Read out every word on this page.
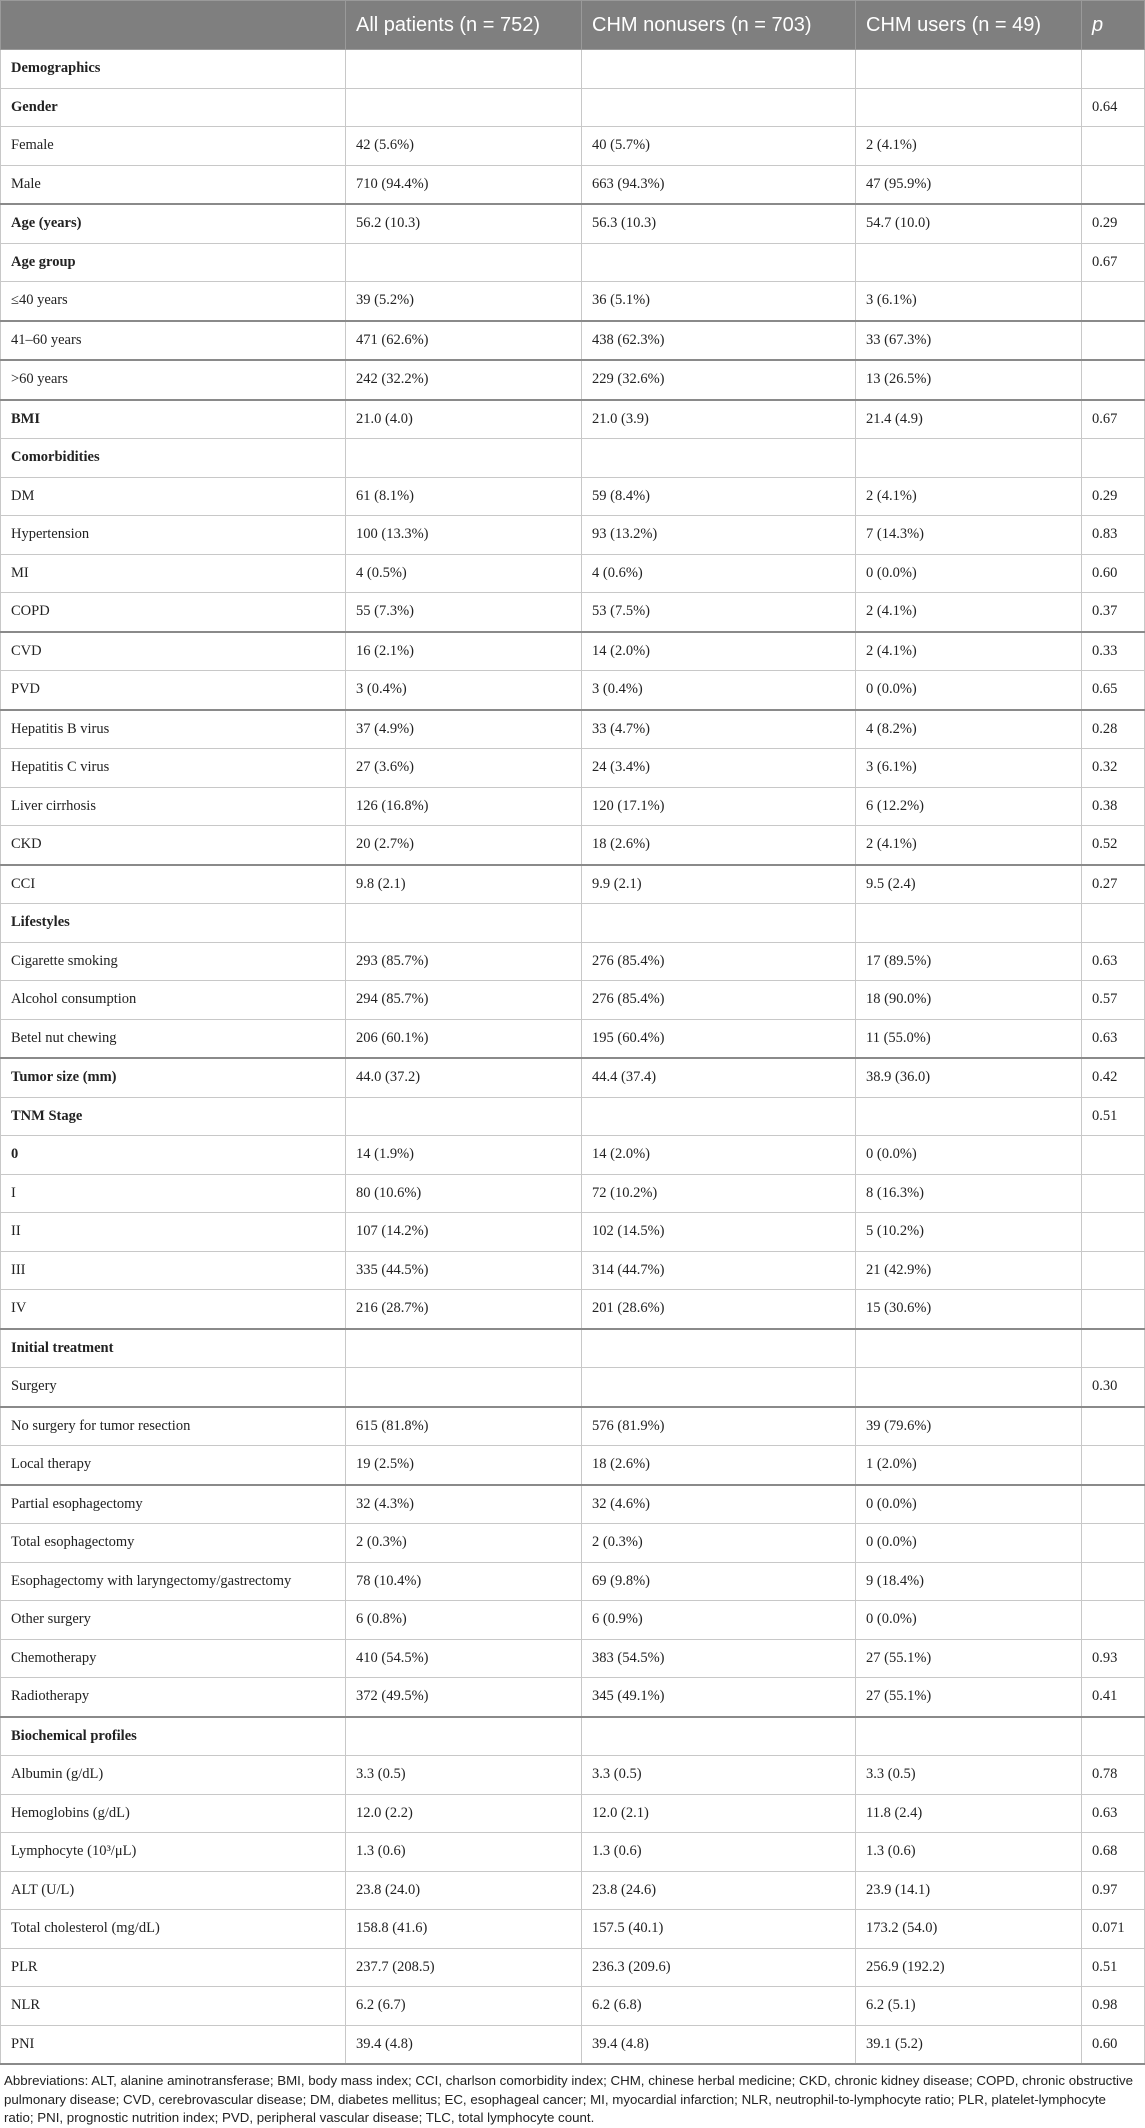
	All patients (n = 752)	CHM nonusers (n = 703)	CHM users (n = 49)	p
Demographics				
Gender				0.64
Female	42 (5.6%)	40 (5.7%)	2 (4.1%)	
Male	710 (94.4%)	663 (94.3%)	47 (95.9%)	
Age (years)	56.2 (10.3)	56.3 (10.3)	54.7 (10.0)	0.29
Age group				0.67
≤40 years	39 (5.2%)	36 (5.1%)	3 (6.1%)	
41–60 years	471 (62.6%)	438 (62.3%)	33 (67.3%)	
>60 years	242 (32.2%)	229 (32.6%)	13 (26.5%)	
BMI	21.0 (4.0)	21.0 (3.9)	21.4 (4.9)	0.67
Comorbidities				
DM	61 (8.1%)	59 (8.4%)	2 (4.1%)	0.29
Hypertension	100 (13.3%)	93 (13.2%)	7 (14.3%)	0.83
MI	4 (0.5%)	4 (0.6%)	0 (0.0%)	0.60
COPD	55 (7.3%)	53 (7.5%)	2 (4.1%)	0.37
CVD	16 (2.1%)	14 (2.0%)	2 (4.1%)	0.33
PVD	3 (0.4%)	3 (0.4%)	0 (0.0%)	0.65
Hepatitis B virus	37 (4.9%)	33 (4.7%)	4 (8.2%)	0.28
Hepatitis C virus	27 (3.6%)	24 (3.4%)	3 (6.1%)	0.32
Liver cirrhosis	126 (16.8%)	120 (17.1%)	6 (12.2%)	0.38
CKD	20 (2.7%)	18 (2.6%)	2 (4.1%)	0.52
CCI	9.8 (2.1)	9.9 (2.1)	9.5 (2.4)	0.27
Lifestyles				
Cigarette smoking	293 (85.7%)	276 (85.4%)	17 (89.5%)	0.63
Alcohol consumption	294 (85.7%)	276 (85.4%)	18 (90.0%)	0.57
Betel nut chewing	206 (60.1%)	195 (60.4%)	11 (55.0%)	0.63
Tumor size (mm)	44.0 (37.2)	44.4 (37.4)	38.9 (36.0)	0.42
TNM Stage				0.51
0	14 (1.9%)	14 (2.0%)	0 (0.0%)	
I	80 (10.6%)	72 (10.2%)	8 (16.3%)	
II	107 (14.2%)	102 (14.5%)	5 (10.2%)	
III	335 (44.5%)	314 (44.7%)	21 (42.9%)	
IV	216 (28.7%)	201 (28.6%)	15 (30.6%)	
Initial treatment				
Surgery				0.30
No surgery for tumor resection	615 (81.8%)	576 (81.9%)	39 (79.6%)	
Local therapy	19 (2.5%)	18 (2.6%)	1 (2.0%)	
Partial esophagectomy	32 (4.3%)	32 (4.6%)	0 (0.0%)	
Total esophagectomy	2 (0.3%)	2 (0.3%)	0 (0.0%)	
Esophagectomy with laryngectomy/gastrectomy	78 (10.4%)	69 (9.8%)	9 (18.4%)	
Other surgery	6 (0.8%)	6 (0.9%)	0 (0.0%)	
Chemotherapy	410 (54.5%)	383 (54.5%)	27 (55.1%)	0.93
Radiotherapy	372 (49.5%)	345 (49.1%)	27 (55.1%)	0.41
Biochemical profiles				
Albumin (g/dL)	3.3 (0.5)	3.3 (0.5)	3.3 (0.5)	0.78
Hemoglobins (g/dL)	12.0 (2.2)	12.0 (2.1)	11.8 (2.4)	0.63
Lymphocyte (10³/μL)	1.3 (0.6)	1.3 (0.6)	1.3 (0.6)	0.68
ALT (U/L)	23.8 (24.0)	23.8 (24.6)	23.9 (14.1)	0.97
Total cholesterol (mg/dL)	158.8 (41.6)	157.5 (40.1)	173.2 (54.0)	0.071
PLR	237.7 (208.5)	236.3 (209.6)	256.9 (192.2)	0.51
NLR	6.2 (6.7)	6.2 (6.8)	6.2 (5.1)	0.98
PNI	39.4 (4.8)	39.4 (4.8)	39.1 (5.2)	0.60
Abbreviations: ALT, alanine aminotransferase; BMI, body mass index; CCI, charlson comorbidity index; CHM, chinese herbal medicine; CKD, chronic kidney disease; COPD, chronic obstructive pulmonary disease; CVD, cerebrovascular disease; DM, diabetes mellitus; EC, esophageal cancer; MI, myocardial infarction; NLR, neutrophil-to-lymphocyte ratio; PLR, platelet-lymphocyte ratio; PNI, prognostic nutrition index; PVD, peripheral vascular disease; TLC, total lymphocyte count.
